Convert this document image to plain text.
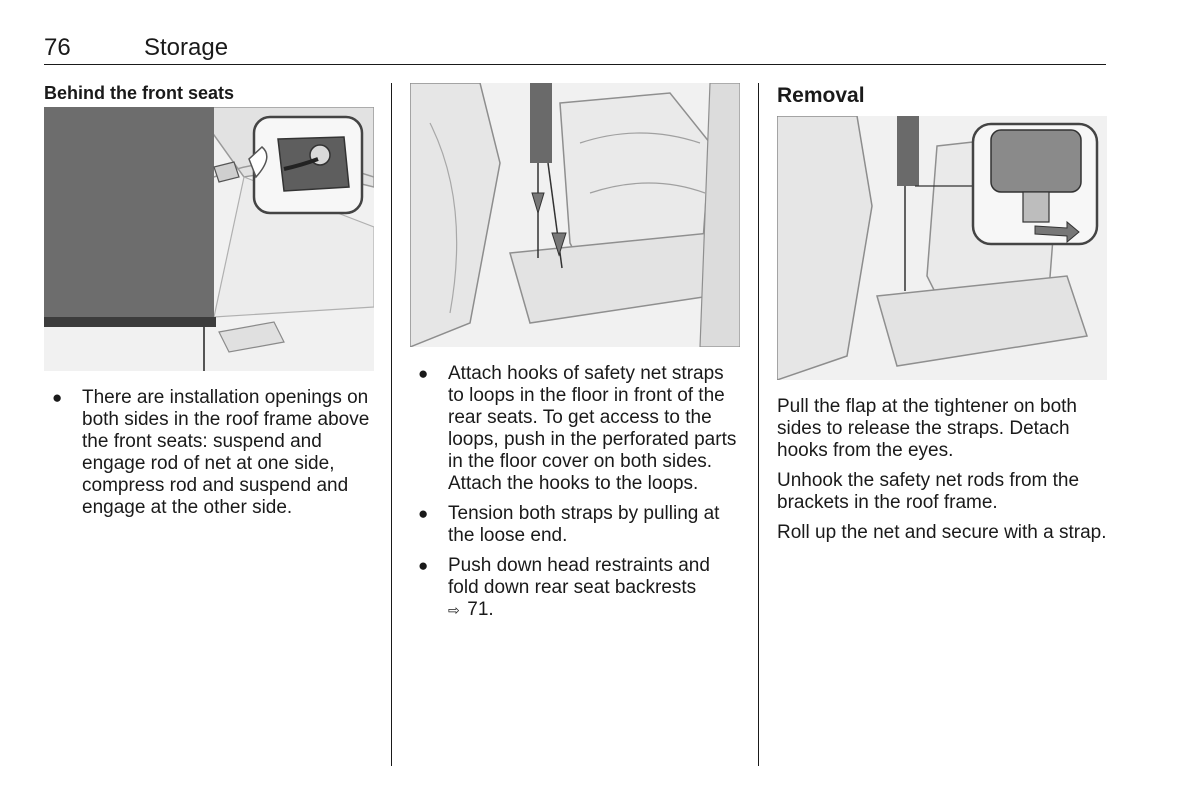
76	Storage
Behind the front seats
● There are installation openings on both sides in the roof frame above the front seats: suspend and engage rod of net at one side, compress rod and suspend and engage at the other side.
● Attach hooks of safety net straps to loops in the floor in front of the rear seats. To get access to the loops, push in the perforated parts in the floor cover on both sides. Attach the hooks to the loops.
● Tension both straps by pulling at the loose end.
● Push down head restraints and fold down rear seat backrests
⇨ 71.
Removal

Pull the flap at the tightener on both sides to release the straps. Detach hooks from the eyes.

Unhook the safety net rods from the brackets in the roof frame.

Roll up the net and secure with a strap.
